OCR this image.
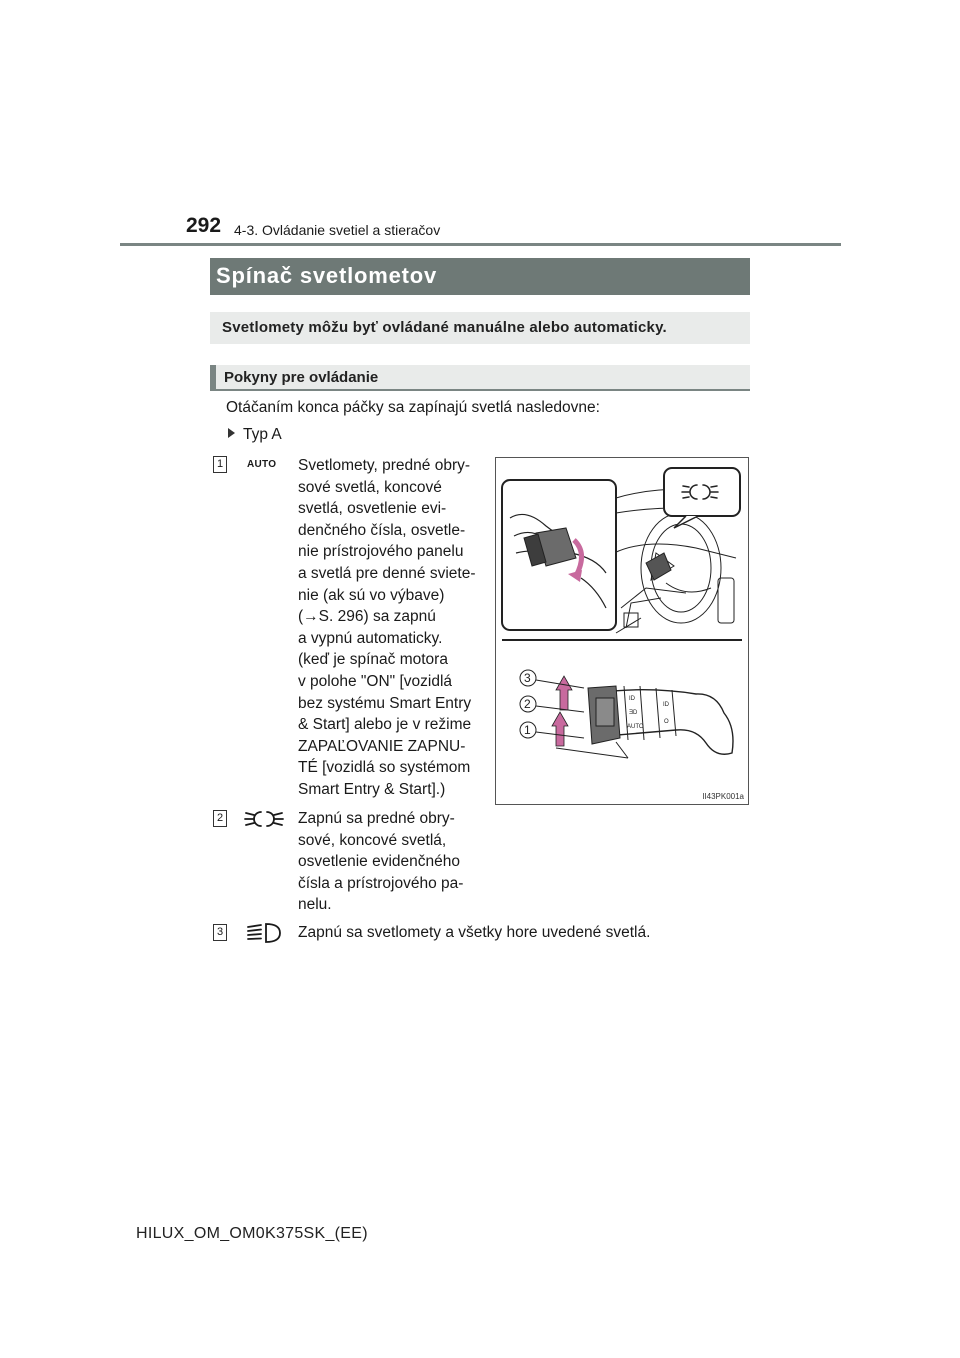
292 4-3. Ovládanie svetiel a stieračov
Spínač svetlometov
Svetlomety môžu byť ovládané manuálne alebo automaticky.
Pokyny pre ovládanie
Otáčaním konca páčky sa zapínajú svetlá nasledovne:
Typ A
1	AUTO Svetlomety, predné obry-
sové svetlá, koncové
svetlá, osvetlenie evi-
denčného čísla, osvetle-
nie prístrojového panelu
a svetlá pre denné sviete-
nie (ak sú vo výbave)
(→S. 296) sa zapnú
a vypnú automaticky.
(keď je spínač motora
v polohe "ON" [vozidlá
bez systému Smart Entry
& Start] alebo je v režime
ZAPAĽOVANIE ZAPNU-
TÉ [vozidlá so systémom
Smart Entry & Start].)
2	Zapnú sa predné obry-
sové, koncové svetlá,
osvetlenie evidenčného
čísla a prístrojového pa-
nelu.
3	Zapnú sa svetlomety a všetky hore uvedené svetlá.
ID
ƎD
AUTO
ID
O
3
2
1
II43PK001a
HILUX_OM_OM0K375SK_(EE)
